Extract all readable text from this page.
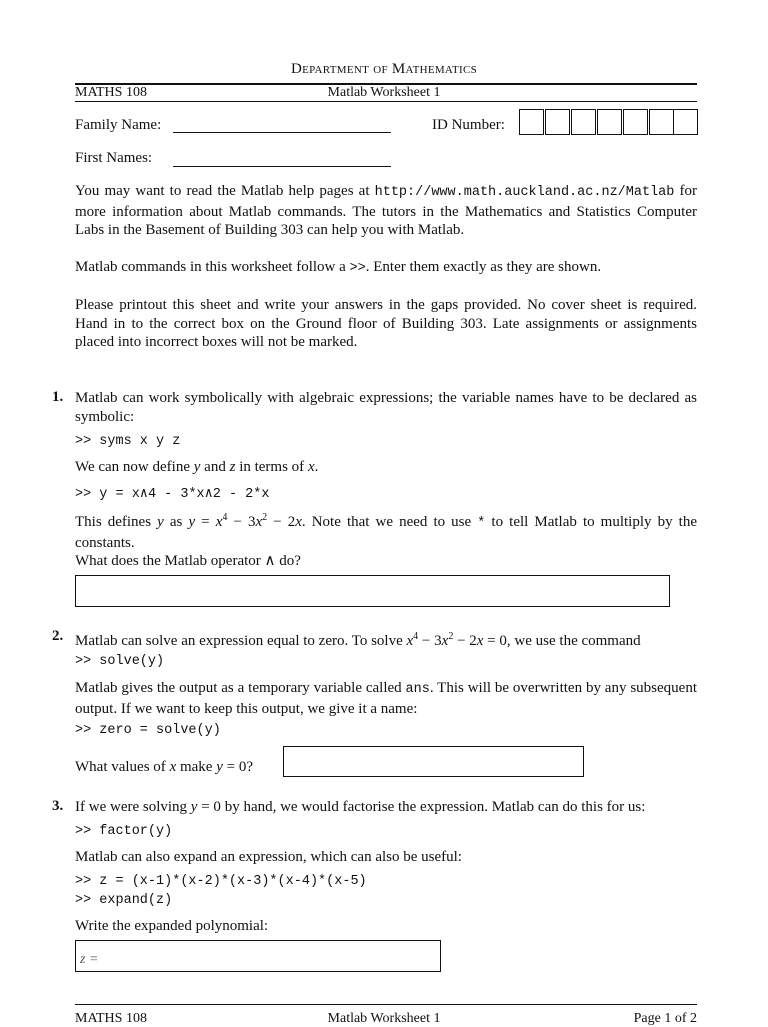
Department of Mathematics
MATHS 108	Matlab Worksheet 1
Family Name:
First Names:
ID Number:
You may want to read the Matlab help pages at http://www.math.auckland.ac.nz/Matlab for more information about Matlab commands. The tutors in the Mathematics and Statistics Computer Labs in the Basement of Building 303 can help you with Matlab.
Matlab commands in this worksheet follow a >>. Enter them exactly as they are shown.
Please printout this sheet and write your answers in the gaps provided. No cover sheet is required. Hand in to the correct box on the Ground floor of Building 303. Late assignments or assignments placed into incorrect boxes will not be marked.
1. Matlab can work symbolically with algebraic expressions; the variable names have to be declared as symbolic:
>> syms x y z
We can now define y and z in terms of x.
>> y = x∧4 - 3*x∧2 - 2*x
This defines y as $y = x^4 - 3x^2 - 2x$. Note that we need to use * to tell Matlab to multiply by the constants.
What does the Matlab operator ∧ do?
2. Matlab can solve an expression equal to zero. To solve $x^4 - 3x^2 - 2x = 0$, we use the command
>> solve(y)
Matlab gives the output as a temporary variable called ans. This will be overwritten by any subsequent output. If we want to keep this output, we give it a name:
>> zero = solve(y)
What values of x make y = 0?
3. If we were solving y = 0 by hand, we would factorise the expression. Matlab can do this for us:
>> factor(y)
Matlab can also expand an expression, which can also be useful:
>> z = (x-1)*(x-2)*(x-3)*(x-4)*(x-5)
>> expand(z)
Write the expanded polynomial:
z =
MATHS 108	Matlab Worksheet 1	Page 1 of 2
